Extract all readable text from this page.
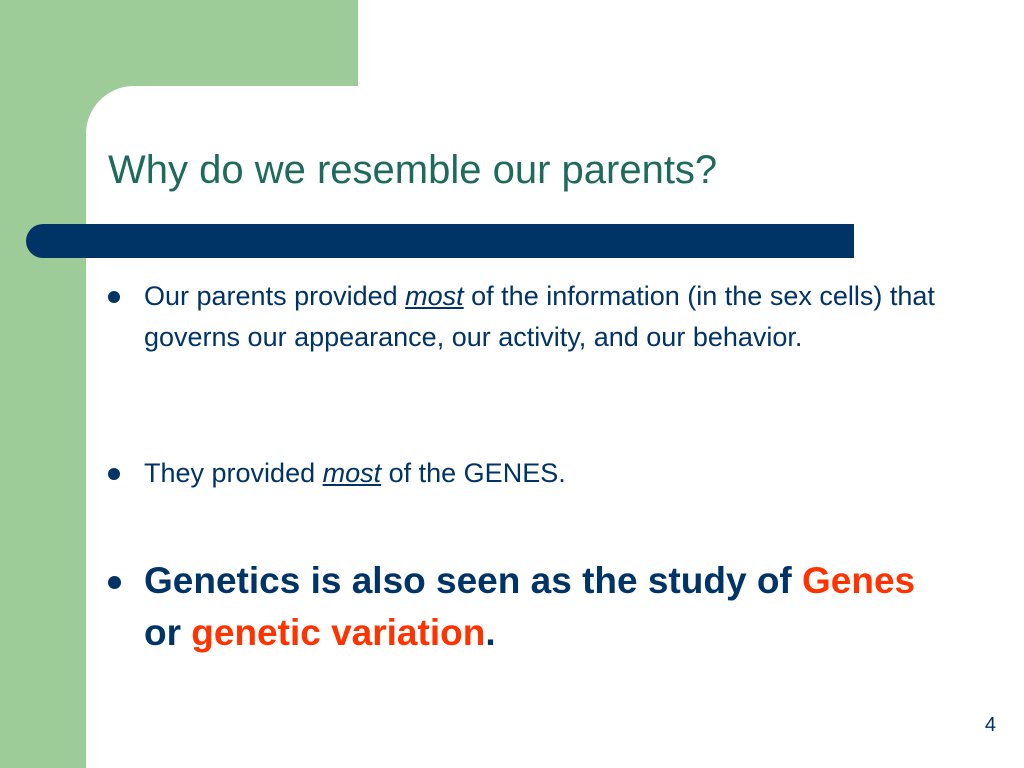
Why do we resemble our parents?
Our parents provided most of the information (in the sex cells) that governs our appearance, our activity, and our behavior.
They provided most of the GENES.
Genetics is also seen as the study of Genes or genetic variation.
4
